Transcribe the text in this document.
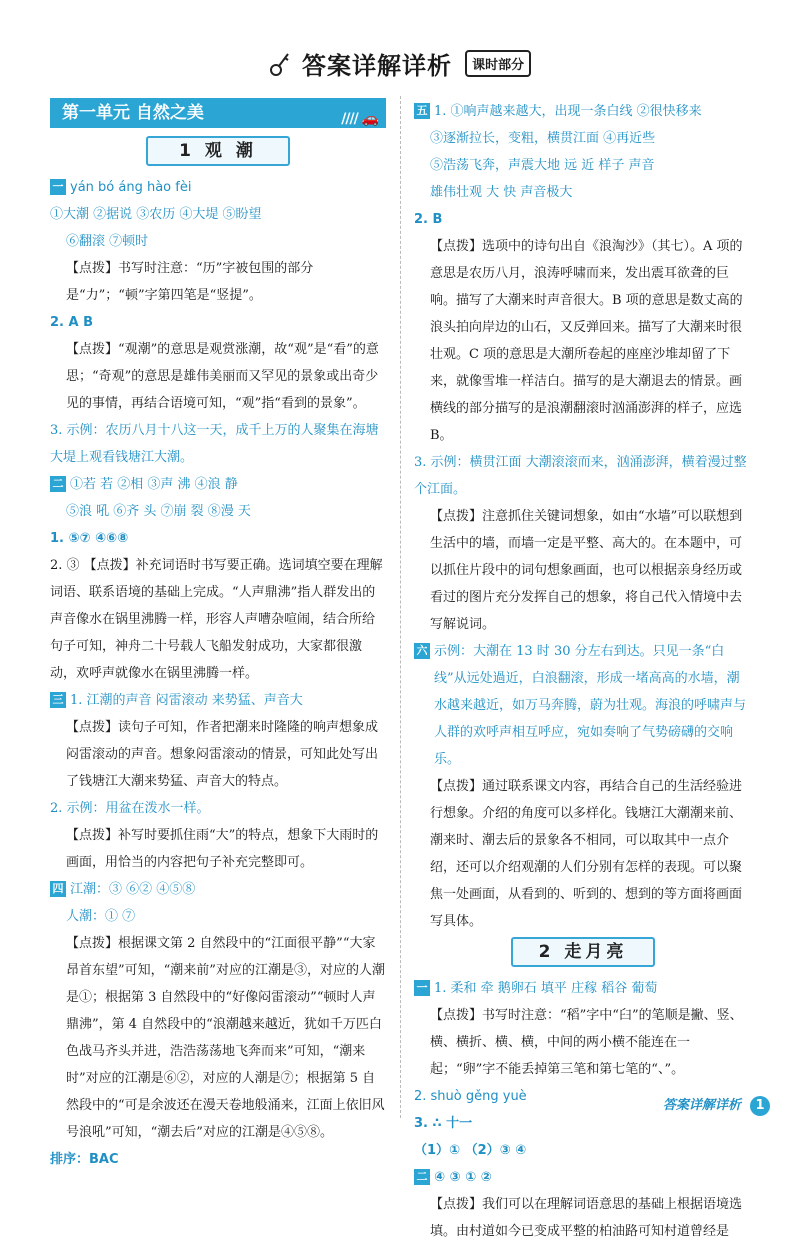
答案详解详析 课时部分
第一单元 自然之美	//// 🚗
1 观 潮
一 yán bó áng hào fèi
①大潮 ②据说 ③农历 ④大堤 ⑤盼望
⑥翻滚 ⑦顿时

【点拨】书写时注意：“历”字被包围的部分是“力”；“顿”字第四笔是“竖提”。

2. A B

【点拨】“观潮”的意思是观赏涨潮，故“观”是“看”的意思；“奇观”的意思是雄伟美丽而又罕见的景象或出奇少见的事情，再结合语境可知，“观”指“看到的景象”。

3. 示例：农历八月十八这一天，成千上万的人聚集在海塘大堤上观看钱塘江大潮。
二 ①若 若 ②相 ③声 沸 ④浪 静
⑤浪 吼 ⑥齐 头 ⑦崩 裂 ⑧漫 天
1. ⑤⑦ ④⑥⑧

2. ③ 【点拨】补充词语时书写要正确。选词填空要在理解词语、联系语境的基础上完成。“人声鼎沸”指人群发出的声音像水在锅里沸腾一样，形容人声嘈杂喧闹，结合所给句子可知，神舟二十号载人飞船发射成功，大家都很激动，欢呼声就像水在锅里沸腾一样。

三 1. 江潮的声音 闷雷滚动 来势猛、声音大

【点拨】读句子可知，作者把潮来时隆隆的响声想象成闷雷滚动的声音。想象闷雷滚动的情景，可知此处写出了钱塘江大潮来势猛、声音大的特点。

2. 示例：用盆在泼水一样。

【点拨】补写时要抓住雨“大”的特点，想象下大雨时的画面，用恰当的内容把句子补充完整即可。

四 江潮：③ ⑥② ④⑤⑧
人潮：① ⑦

【点拨】根据课文第 2 自然段中的“江面很平静”“大家昂首东望”可知，“潮来前”对应的江潮是③，对应的人潮是①；根据第 3 自然段中的“好像闷雷滚动”“顿时人声鼎沸”，第 4 自然段中的“浪潮越来越近，犹如千万匹白色战马齐头并进，浩浩荡荡地飞奔而来”可知，“潮来时”对应的江潮是⑥②，对应的人潮是⑦；根据第 5 自然段中的“可是余波还在漫天卷地般涌来，江面上依旧风号浪吼”可知，“潮去后”对应的江潮是④⑤⑧。

排序：BAC
五 1. ①响声越来越大，出现一条白线 ②很快移来
③逐渐拉长，变粗，横贯江面 ④再近些
⑤浩荡飞奔，声震大地 远 近 样子 声音
雄伟壮观 大 快 声音极大
2. B

【点拨】选项中的诗句出自《浪淘沙》（其七）。A 项的意思是农历八月，浪涛呼啸而来，发出震耳欲聋的巨响。描写了大潮来时声音很大。B 项的意思是数丈高的浪头拍向岸边的山石，又反弹回来。描写了大潮来时很壮观。C 项的意思是大潮所卷起的座座沙堆却留了下来，就像雪堆一样洁白。描写的是大潮退去的情景。画横线的部分描写的是浪潮翻滚时汹涌澎湃的样子，应选 B。

3. 示例：横贯江面 大潮滚滚而来，汹涌澎湃，横着漫过整个江面。

【点拨】注意抓住关键词想象，如由“水墙”可以联想到生活中的墙，而墙一定是平整、高大的。在本题中，可以抓住片段中的词句想象画面，也可以根据亲身经历或看过的图片充分发挥自己的想象，将自己代入情境中去写解说词。

六 示例：大潮在 13 时 30 分左右到达。只见一条“白线”从远处過近，白浪翻滚，形成一堵高高的水墙，潮水越来越近，如万马奔腾，蔚为壮观。海浪的呼啸声与人群的欢呼声相互呼应，宛如奏响了气势磅礴的交响乐。

【点拨】通过联系课文内容，再结合自己的生活经验进行想象。介绍的角度可以多样化。钱塘江大潮潮来前、潮来时、潮去后的景象各不相同，可以取其中一点介绍，还可以介绍观潮的人们分别有怎样的表现。可以聚焦一处画面，从看到的、听到的、想到的等方面将画面写具体。

2 走月亮
一 1. 柔和 牵 鹅卵石 填平 庄稼 稻谷 葡萄

【点拨】书写时注意：“稻”字中“臼”的笔顺是撇、竖、横、横折、横、横，中间的两小横不能连在一起；“卵”字不能丢掉第三笔和第七笔的“、”。

2. shuò gěng yuè
3. ∴ 十一
（1）① （2）③ ④
二 ④ ③ ① ②

【点拨】我们可以在理解词语意思的基础上根据语境选填。由村道如今已变成平整的柏油路可知村道曾经是

答案详解详析 1
